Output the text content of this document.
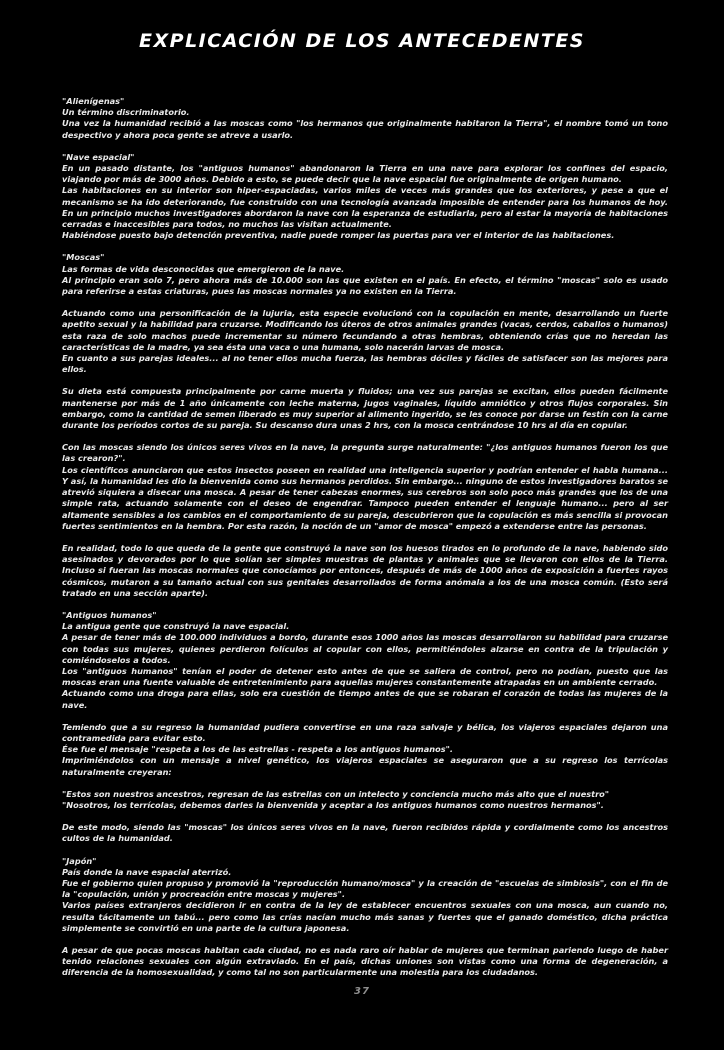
EXPLICACIÓN DE LOS ANTECEDENTES
"Alienígenas"

Un término discriminatorio.

Una vez la humanidad recibió a las moscas como "los hermanos que originalmente habitaron la Tierra", el nombre tomó un tono despectivo y ahora poca gente se atreve a usarlo.

"Nave espacial"

En un pasado distante, los "antiguos humanos" abandonaron la Tierra en una nave para explorar los confines del espacio, viajando por más de 3000 años. Debido a esto, se puede decir que la nave espacial fue originalmente de origen humano.

Las habitaciones en su interior son hiper-espaciadas, varios miles de veces más grandes que los exteriores, y pese a que el mecanismo se ha ido deteriorando, fue construido con una tecnología avanzada imposible de entender para los humanos de hoy. En un principio muchos investigadores abordaron la nave con la esperanza de estudiarla, pero al estar la mayoría de habitaciones cerradas e inaccesibles para todos, no muchos las visitan actualmente.

Habiéndose puesto bajo detención preventiva, nadie puede romper las puertas para ver el interior de las habitaciones.

"Moscas"

Las formas de vida desconocidas que emergieron de la nave.

Al principio eran solo 7, pero ahora más de 10.000 son las que existen en el país. En efecto, el término "moscas" solo es usado para referirse a estas criaturas, pues las moscas normales ya no existen en la Tierra.

Actuando como una personificación de la lujuria, esta especie evolucionó con la copulación en mente, desarrollando un fuerte apetito sexual y la habilidad para cruzarse. Modificando los úteros de otros animales grandes (vacas, cerdos, caballos o humanos) esta raza de solo machos puede incrementar su número fecundando a otras hembras, obteniendo crías que no heredan las características de la madre, ya sea ésta una vaca o una humana, solo nacerán larvas de mosca.

En cuanto a sus parejas ideales... al no tener ellos mucha fuerza, las hembras dóciles y fáciles de satisfacer son las mejores para ellos.

Su dieta está compuesta principalmente por carne muerta y fluidos; una vez sus parejas se excitan, ellos pueden fácilmente mantenerse por más de 1 año únicamente con leche materna, jugos vaginales, líquido amniótico y otros flujos corporales. Sin embargo, como la cantidad de semen liberado es muy superior al alimento ingerido, se les conoce por darse un festín con la carne durante los períodos cortos de su pareja. Su descanso dura unas 2 hrs, con la mosca centrándose 10 hrs al día en copular.

Con las moscas siendo los únicos seres vivos en la nave, la pregunta surge naturalmente: "¿los antiguos humanos fueron los que las crearon?".

Los científicos anunciaron que estos insectos poseen en realidad una inteligencia superior y podrían entender el habla humana... Y así, la humanidad les dio la bienvenida como sus hermanos perdidos. Sin embargo... ninguno de estos investigadores baratos se atrevió siquiera a disecar una mosca. A pesar de tener cabezas enormes, sus cerebros son solo poco más grandes que los de una simple rata, actuando solamente con el deseo de engendrar. Tampoco pueden entender el lenguaje humano... pero al ser altamente sensibles a los cambios en el comportamiento de su pareja, descubrieron que la copulación es más sencilla si provocan fuertes sentimientos en la hembra. Por esta razón, la noción de un "amor de mosca" empezó a extenderse entre las personas.

En realidad, todo lo que queda de la gente que construyó la nave son los huesos tirados en lo profundo de la nave, habiendo sido asesinados y devorados por lo que solían ser simples muestras de plantas y animales que se llevaron con ellos de la Tierra. Incluso si fueran las moscas normales que conocíamos por entonces, después de más de 1000 años de exposición a fuertes rayos cósmicos, mutaron a su tamaño actual con sus genitales desarrollados de forma anómala a los de una mosca común. (Esto será tratado en una sección aparte).

"Antiguos humanos"

La antigua gente que construyó la nave espacial.

A pesar de tener más de 100.000 individuos a bordo, durante esos 1000 años las moscas desarrollaron su habilidad para cruzarse con todas sus mujeres, quienes perdieron folículos al copular con ellos, permitiéndoles alzarse en contra de la tripulación y comiéndoselos a todos.

Los "antiguos humanos" tenían el poder de detener esto antes de que se saliera de control, pero no podían, puesto que las moscas eran una fuente valuable de entretenimiento para aquellas mujeres constantemente atrapadas en un ambiente cerrado.

Actuando como una droga para ellas, solo era cuestión de tiempo antes de que se robaran el corazón de todas las mujeres de la nave.

Temiendo que a su regreso la humanidad pudiera convertirse en una raza salvaje y bélica, los viajeros espaciales dejaron una contramedida para evitar esto.

Ése fue el mensaje "respeta a los de las estrellas - respeta a los antiguos humanos".

Imprimiéndolos con un mensaje a nivel genético, los viajeros espaciales se aseguraron que a su regreso los terrícolas naturalmente creyeran:

"Estos son nuestros ancestros, regresan de las estrellas con un intelecto y conciencia mucho más alto que el nuestro"

"Nosotros, los terrícolas, debemos darles la bienvenida y aceptar a los antiguos humanos como nuestros hermanos".

De este modo, siendo las "moscas" los únicos seres vivos en la nave, fueron recibidos rápida y cordialmente como los ancestros cultos de la humanidad.

"Japón"

País donde la nave espacial aterrizó.

Fue el gobierno quien propuso y promovió la "reproducción humano/mosca" y la creación de "escuelas de simbiosis", con el fin de la "copulación, unión y procreación entre moscas y mujeres".

Varios países extranjeros decidieron ir en contra de la ley de establecer encuentros sexuales con una mosca, aun cuando no, resulta tácitamente un tabú... pero como las crías nacían mucho más sanas y fuertes que el ganado doméstico, dicha práctica simplemente se convirtió en una parte de la cultura japonesa.

A pesar de que pocas moscas habitan cada ciudad, no es nada raro oír hablar de mujeres que terminan pariendo luego de haber tenido relaciones sexuales con algún extraviado. En el país, dichas uniones son vistas como una forma de degeneración, a diferencia de la homosexualidad, y como tal no son particularmente una molestia para los ciudadanos.

37
